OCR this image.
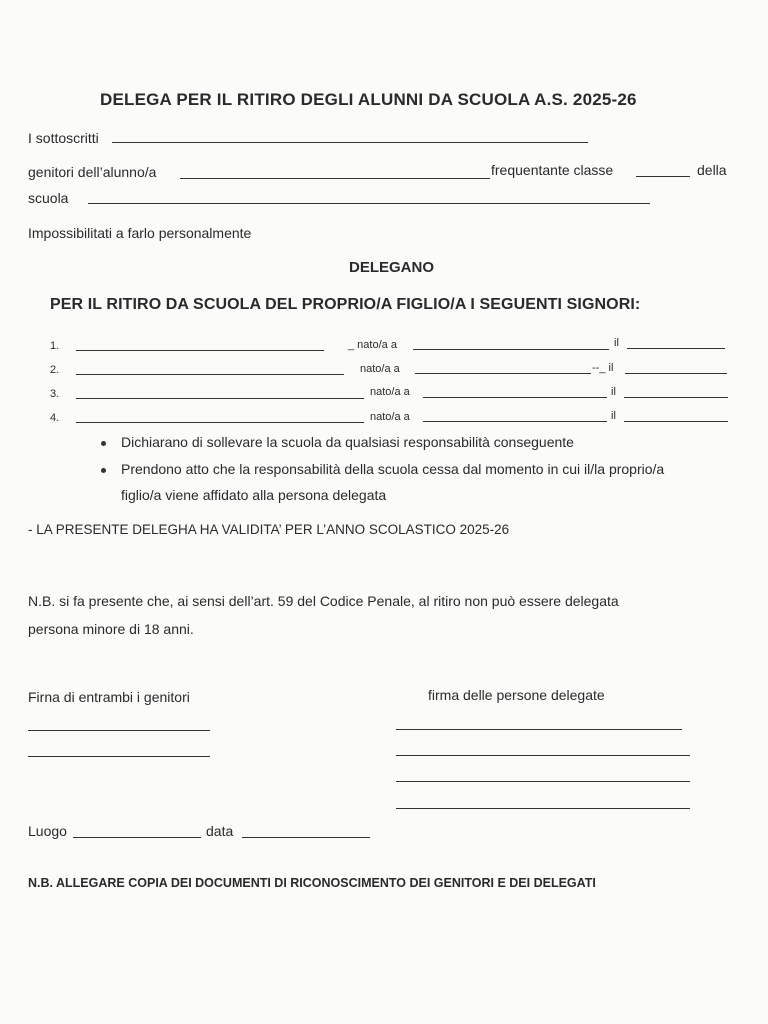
DELEGA PER IL RITIRO DEGLI ALUNNI DA SCUOLA A.S. 2025-26
I sottoscritti
genitori dell’alunno/a	frequentante classe	della
scuola
Impossibilitati a farlo personalmente
DELEGANO
PER IL RITIRO DA SCUOLA DEL PROPRIO/A FIGLIO/A I SEGUENTI SIGNORI:
1.	_ nato/a a	il
2.	nato/a a	--_ il
3.	nato/a a	il
4.	nato/a a	il
Dichiarano di sollevare la scuola da qualsiasi responsabilità conseguente
Prendono atto che la responsabilità della scuola cessa dal momento in cui il/la proprio/a
figlio/a viene affidato alla persona delegata
- LA PRESENTE DELEGHA HA VALIDITA’ PER L’ANNO SCOLASTICO 2025-26
N.B. si fa presente che, ai sensi dell’art. 59 del Codice Penale, al ritiro non può essere delegata
persona minore di 18 anni.
Firna di entrambi i genitori	firma delle persone delegate
Luogo	data
N.B. ALLEGARE COPIA DEI DOCUMENTI DI RICONOSCIMENTO DEI GENITORI E DEI DELEGATI
